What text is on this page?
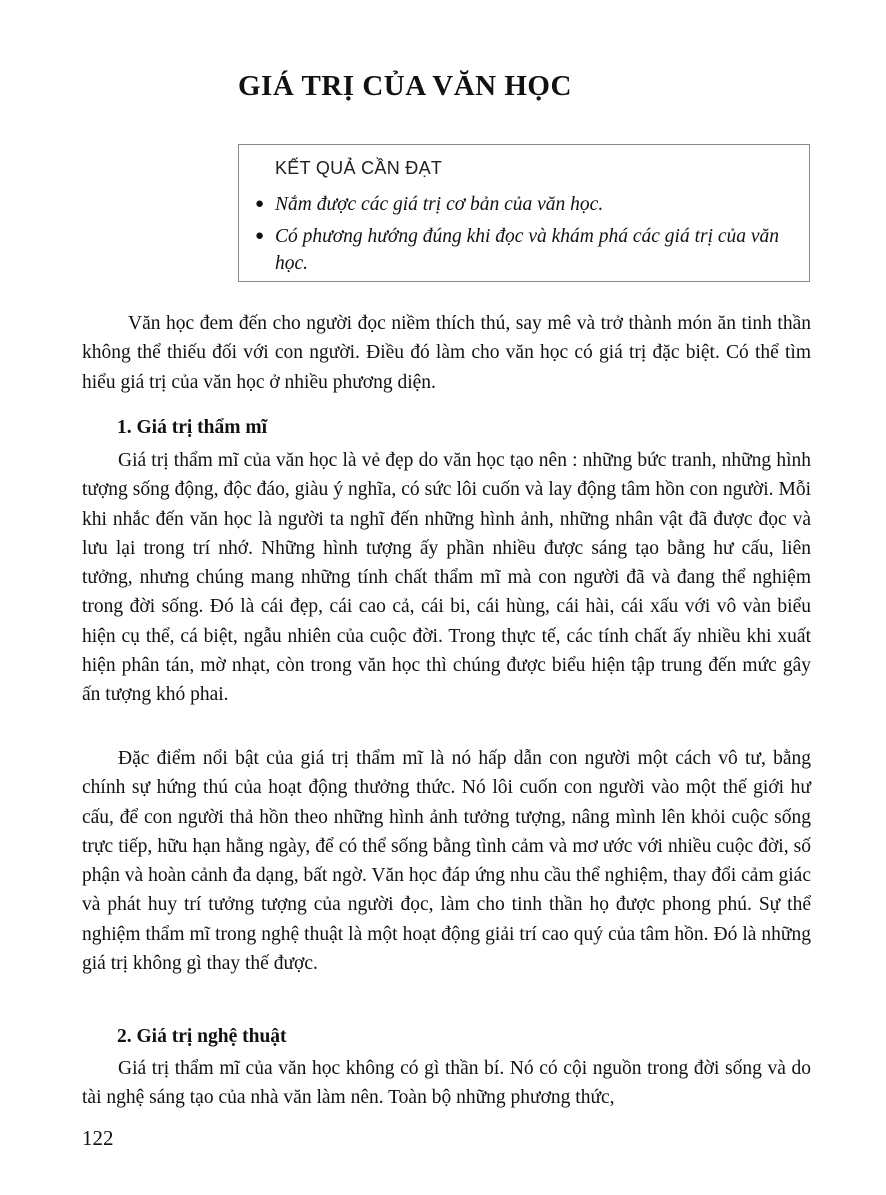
GIÁ TRỊ CỦA VĂN HỌC
KẾT QUẢ CẦN ĐẠT
● Nắm được các giá trị cơ bản của văn học.
● Có phương hướng đúng khi đọc và khám phá các giá trị của văn học.

Văn học đem đến cho người đọc niềm thích thú, say mê và trở thành món ăn tinh thần không thể thiếu đối với con người. Điều đó làm cho văn học có giá trị đặc biệt. Có thể tìm hiểu giá trị của văn học ở nhiều phương diện.

1. Giá trị thẩm mĩ

Giá trị thẩm mĩ của văn học là vẻ đẹp do văn học tạo nên : những bức tranh, những hình tượng sống động, độc đáo, giàu ý nghĩa, có sức lôi cuốn và lay động tâm hồn con người. Mỗi khi nhắc đến văn học là người ta nghĩ đến những hình ảnh, những nhân vật đã được đọc và lưu lại trong trí nhớ. Những hình tượng ấy phần nhiều được sáng tạo bằng hư cấu, liên tưởng, nhưng chúng mang những tính chất thẩm mĩ mà con người đã và đang thể nghiệm trong đời sống. Đó là cái đẹp, cái cao cả, cái bi, cái hùng, cái hài, cái xấu với vô vàn biểu hiện cụ thể, cá biệt, ngẫu nhiên của cuộc đời. Trong thực tế, các tính chất ấy nhiều khi xuất hiện phân tán, mờ nhạt, còn trong văn học thì chúng được biểu hiện tập trung đến mức gây ấn tượng khó phai.

Đặc điểm nổi bật của giá trị thẩm mĩ là nó hấp dẫn con người một cách vô tư, bằng chính sự hứng thú của hoạt động thưởng thức. Nó lôi cuốn con người vào một thế giới hư cấu, để con người thả hồn theo những hình ảnh tưởng tượng, nâng mình lên khỏi cuộc sống trực tiếp, hữu hạn hằng ngày, để có thể sống bằng tình cảm và mơ ước với nhiều cuộc đời, số phận và hoàn cảnh đa dạng, bất ngờ. Văn học đáp ứng nhu cầu thể nghiệm, thay đổi cảm giác và phát huy trí tưởng tượng của người đọc, làm cho tinh thần họ được phong phú. Sự thể nghiệm thẩm mĩ trong nghệ thuật là một hoạt động giải trí cao quý của tâm hồn. Đó là những giá trị không gì thay thế được.

2. Giá trị nghệ thuật

Giá trị thẩm mĩ của văn học không có gì thần bí. Nó có cội nguồn trong đời sống và do tài nghệ sáng tạo của nhà văn làm nên. Toàn bộ những phương thức,

122
